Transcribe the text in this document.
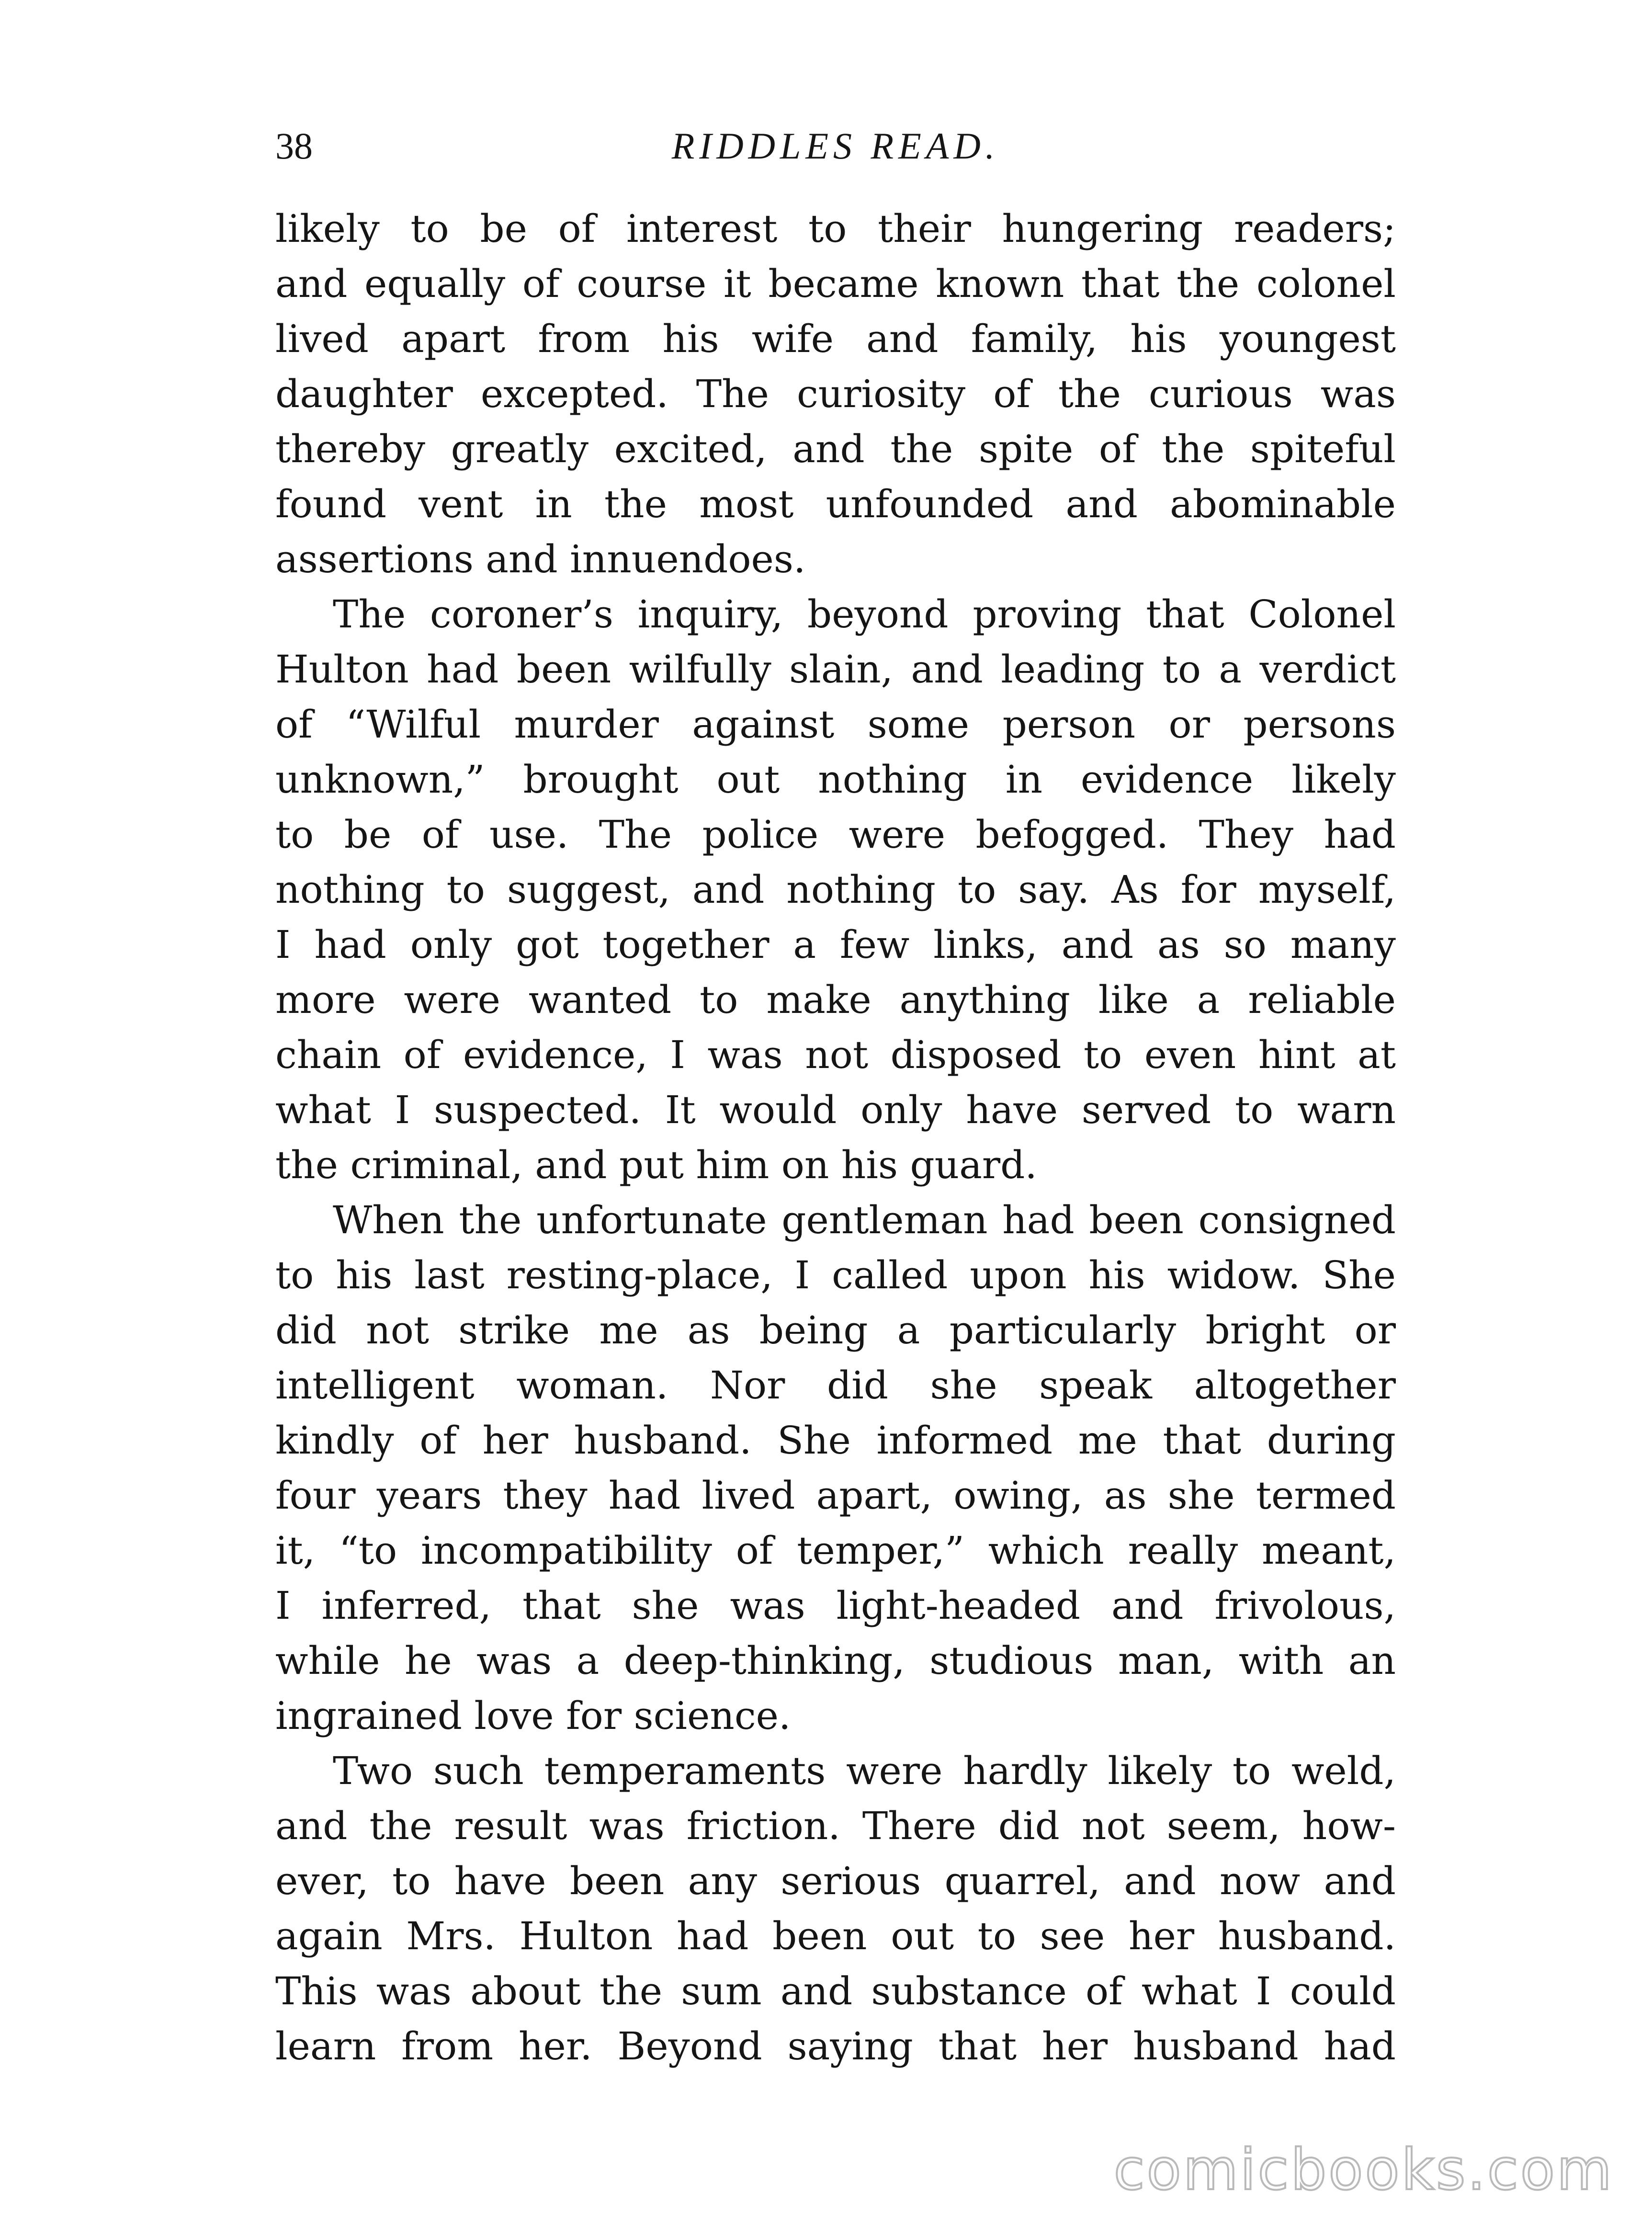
38	RIDDLES READ.
likely to be of interest to their hungering readers;
and equally of course it became known that the colonel
lived apart from his wife and family, his youngest
daughter excepted. The curiosity of the curious was
thereby greatly excited, and the spite of the spiteful
found vent in the most unfounded and abominable
assertions and innuendoes.
The coroner’s inquiry, beyond proving that Colonel
Hulton had been wilfully slain, and leading to a verdict
of “Wilful murder against some person or persons
unknown,” brought out nothing in evidence likely
to be of use. The police were befogged. They had
nothing to suggest, and nothing to say. As for myself,
I had only got together a few links, and as so many
more were wanted to make anything like a reliable
chain of evidence, I was not disposed to even hint at
what I suspected. It would only have served to warn
the criminal, and put him on his guard.
When the unfortunate gentleman had been consigned
to his last resting-place, I called upon his widow. She
did not strike me as being a particularly bright or
intelligent woman. Nor did she speak altogether
kindly of her husband. She informed me that during
four years they had lived apart, owing, as she termed
it, “to incompatibility of temper,” which really meant,
I inferred, that she was light-headed and frivolous,
while he was a deep-thinking, studious man, with an
ingrained love for science.
Two such temperaments were hardly likely to weld,
and the result was friction. There did not seem, how-
ever, to have been any serious quarrel, and now and
again Mrs. Hulton had been out to see her husband.
This was about the sum and substance of what I could
learn from her. Beyond saying that her husband had
comicbooks.com
